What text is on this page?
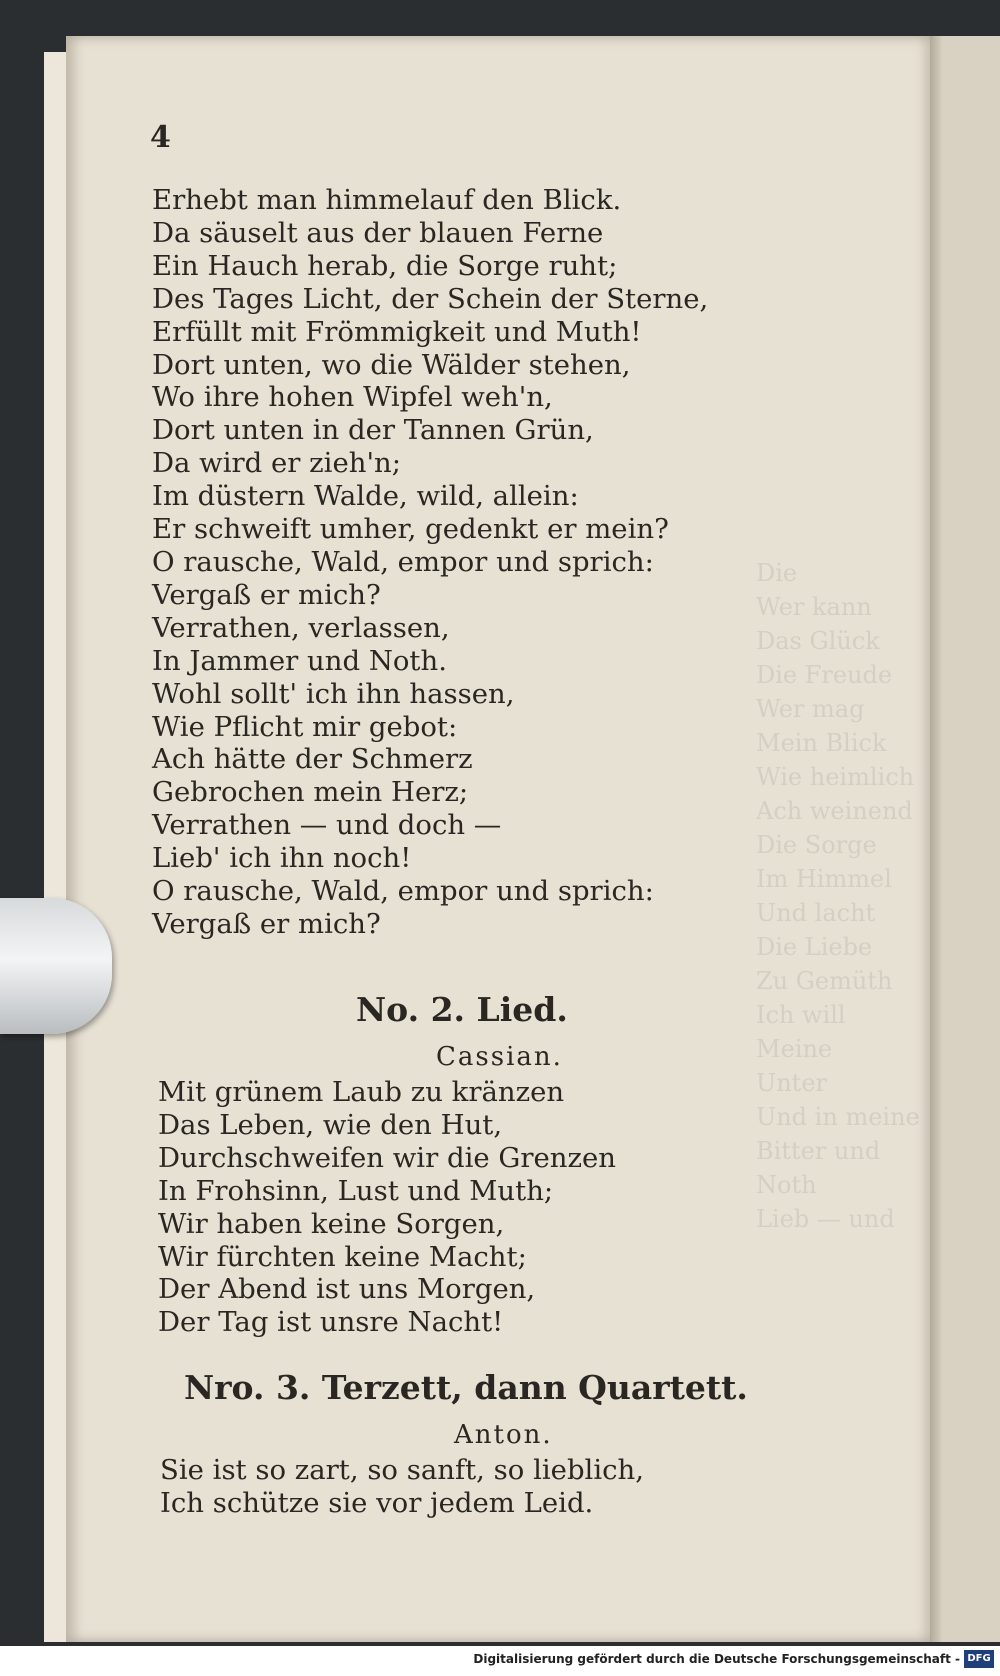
Die
Wer kann
Das Glück
Die Freude
Wer mag
Mein Blick
Wie heimlich
Ach weinend
Die Sorge
Im Himmel
Und lacht
Die Liebe
Zu Gemüth
Ich will
Meine
Unter
Und in meine
Bitter und
Noth
Lieb — und
4
Erhebt man himmelauf den Blick.
Da säuselt aus der blauen Ferne
Ein Hauch herab, die Sorge ruht;
Des Tages Licht, der Schein der Sterne,
Erfüllt mit Frömmigkeit und Muth!
Dort unten, wo die Wälder stehen,
Wo ihre hohen Wipfel weh'n,
Dort unten in der Tannen Grün,
Da wird er zieh'n;
Im düstern Walde, wild, allein:
Er schweift umher, gedenkt er mein?
O rausche, Wald, empor und sprich:
Vergaß er mich?
Verrathen, verlassen,
In Jammer und Noth.
Wohl sollt' ich ihn hassen,
Wie Pflicht mir gebot:
Ach hätte der Schmerz
Gebrochen mein Herz;
Verrathen — und doch —
Lieb' ich ihn noch!
O rausche, Wald, empor und sprich:
Vergaß er mich?
No. 2. Lied.
Cassian.
Mit grünem Laub zu kränzen
Das Leben, wie den Hut,
Durchschweifen wir die Grenzen
In Frohsinn, Lust und Muth;
Wir haben keine Sorgen,
Wir fürchten keine Macht;
Der Abend ist uns Morgen,
Der Tag ist unsre Nacht!
Nro. 3. Terzett, dann Quartett.
Anton.
Sie ist so zart, so sanft, so lieblich,
Ich schütze sie vor jedem Leid.
Digitalisierung gefördert durch die Deutsche Forschungsgemeinschaft - DFG
